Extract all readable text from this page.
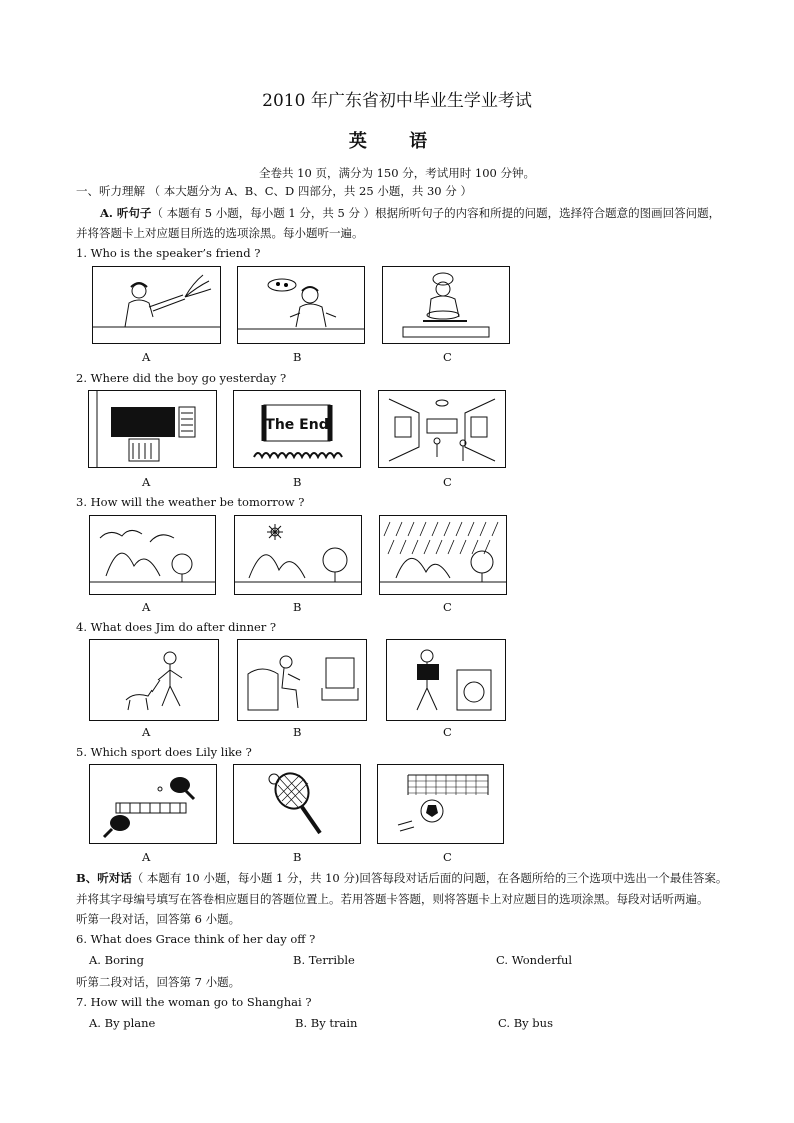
2010 年广东省初中毕业生学业考试
英 语
全卷共 10 页，满分为 150 分，考试用时 100 分钟。
一、听力理解 （ 本大题分为 A、B、C、D 四部分，共 25 小题，共 30 分 ）
A. 听句子（ 本题有 5 小题，每小题 1 分，共 5 分 ）根据所听句子的内容和所提的问题，选择符合题意的图画回答问题，
并将答题卡上对应题目所选的选项涂黑。每小题听一遍。
1. Who is the speaker’s friend ?
A	B	C
2. Where did the boy go yesterday ?
The End
A	B	C
3. How will the weather be tomorrow ?
A	B	C
4. What does Jim do after dinner ?
A	B	C
5. Which sport does Lily like ?
A	B	C
B、听对话（ 本题有 10 小题，每小题 1 分，共 10 分)回答每段对话后面的问题，在各题所给的三个选项中选出一个最佳答案。
并将其字母编号填写在答卷相应题目的答题位置上。若用答题卡答题，则将答题卡上对应题目的选项涂黑。每段对话听两遍。
听第一段对话，回答第 6 小题。
6. What does Grace think of her day off ?
A. Boring	B. Terrible	C. Wonderful
听第二段对话，回答第 7 小题。
7. How will the woman go to Shanghai ?
A. By plane	B. By train	C. By bus
